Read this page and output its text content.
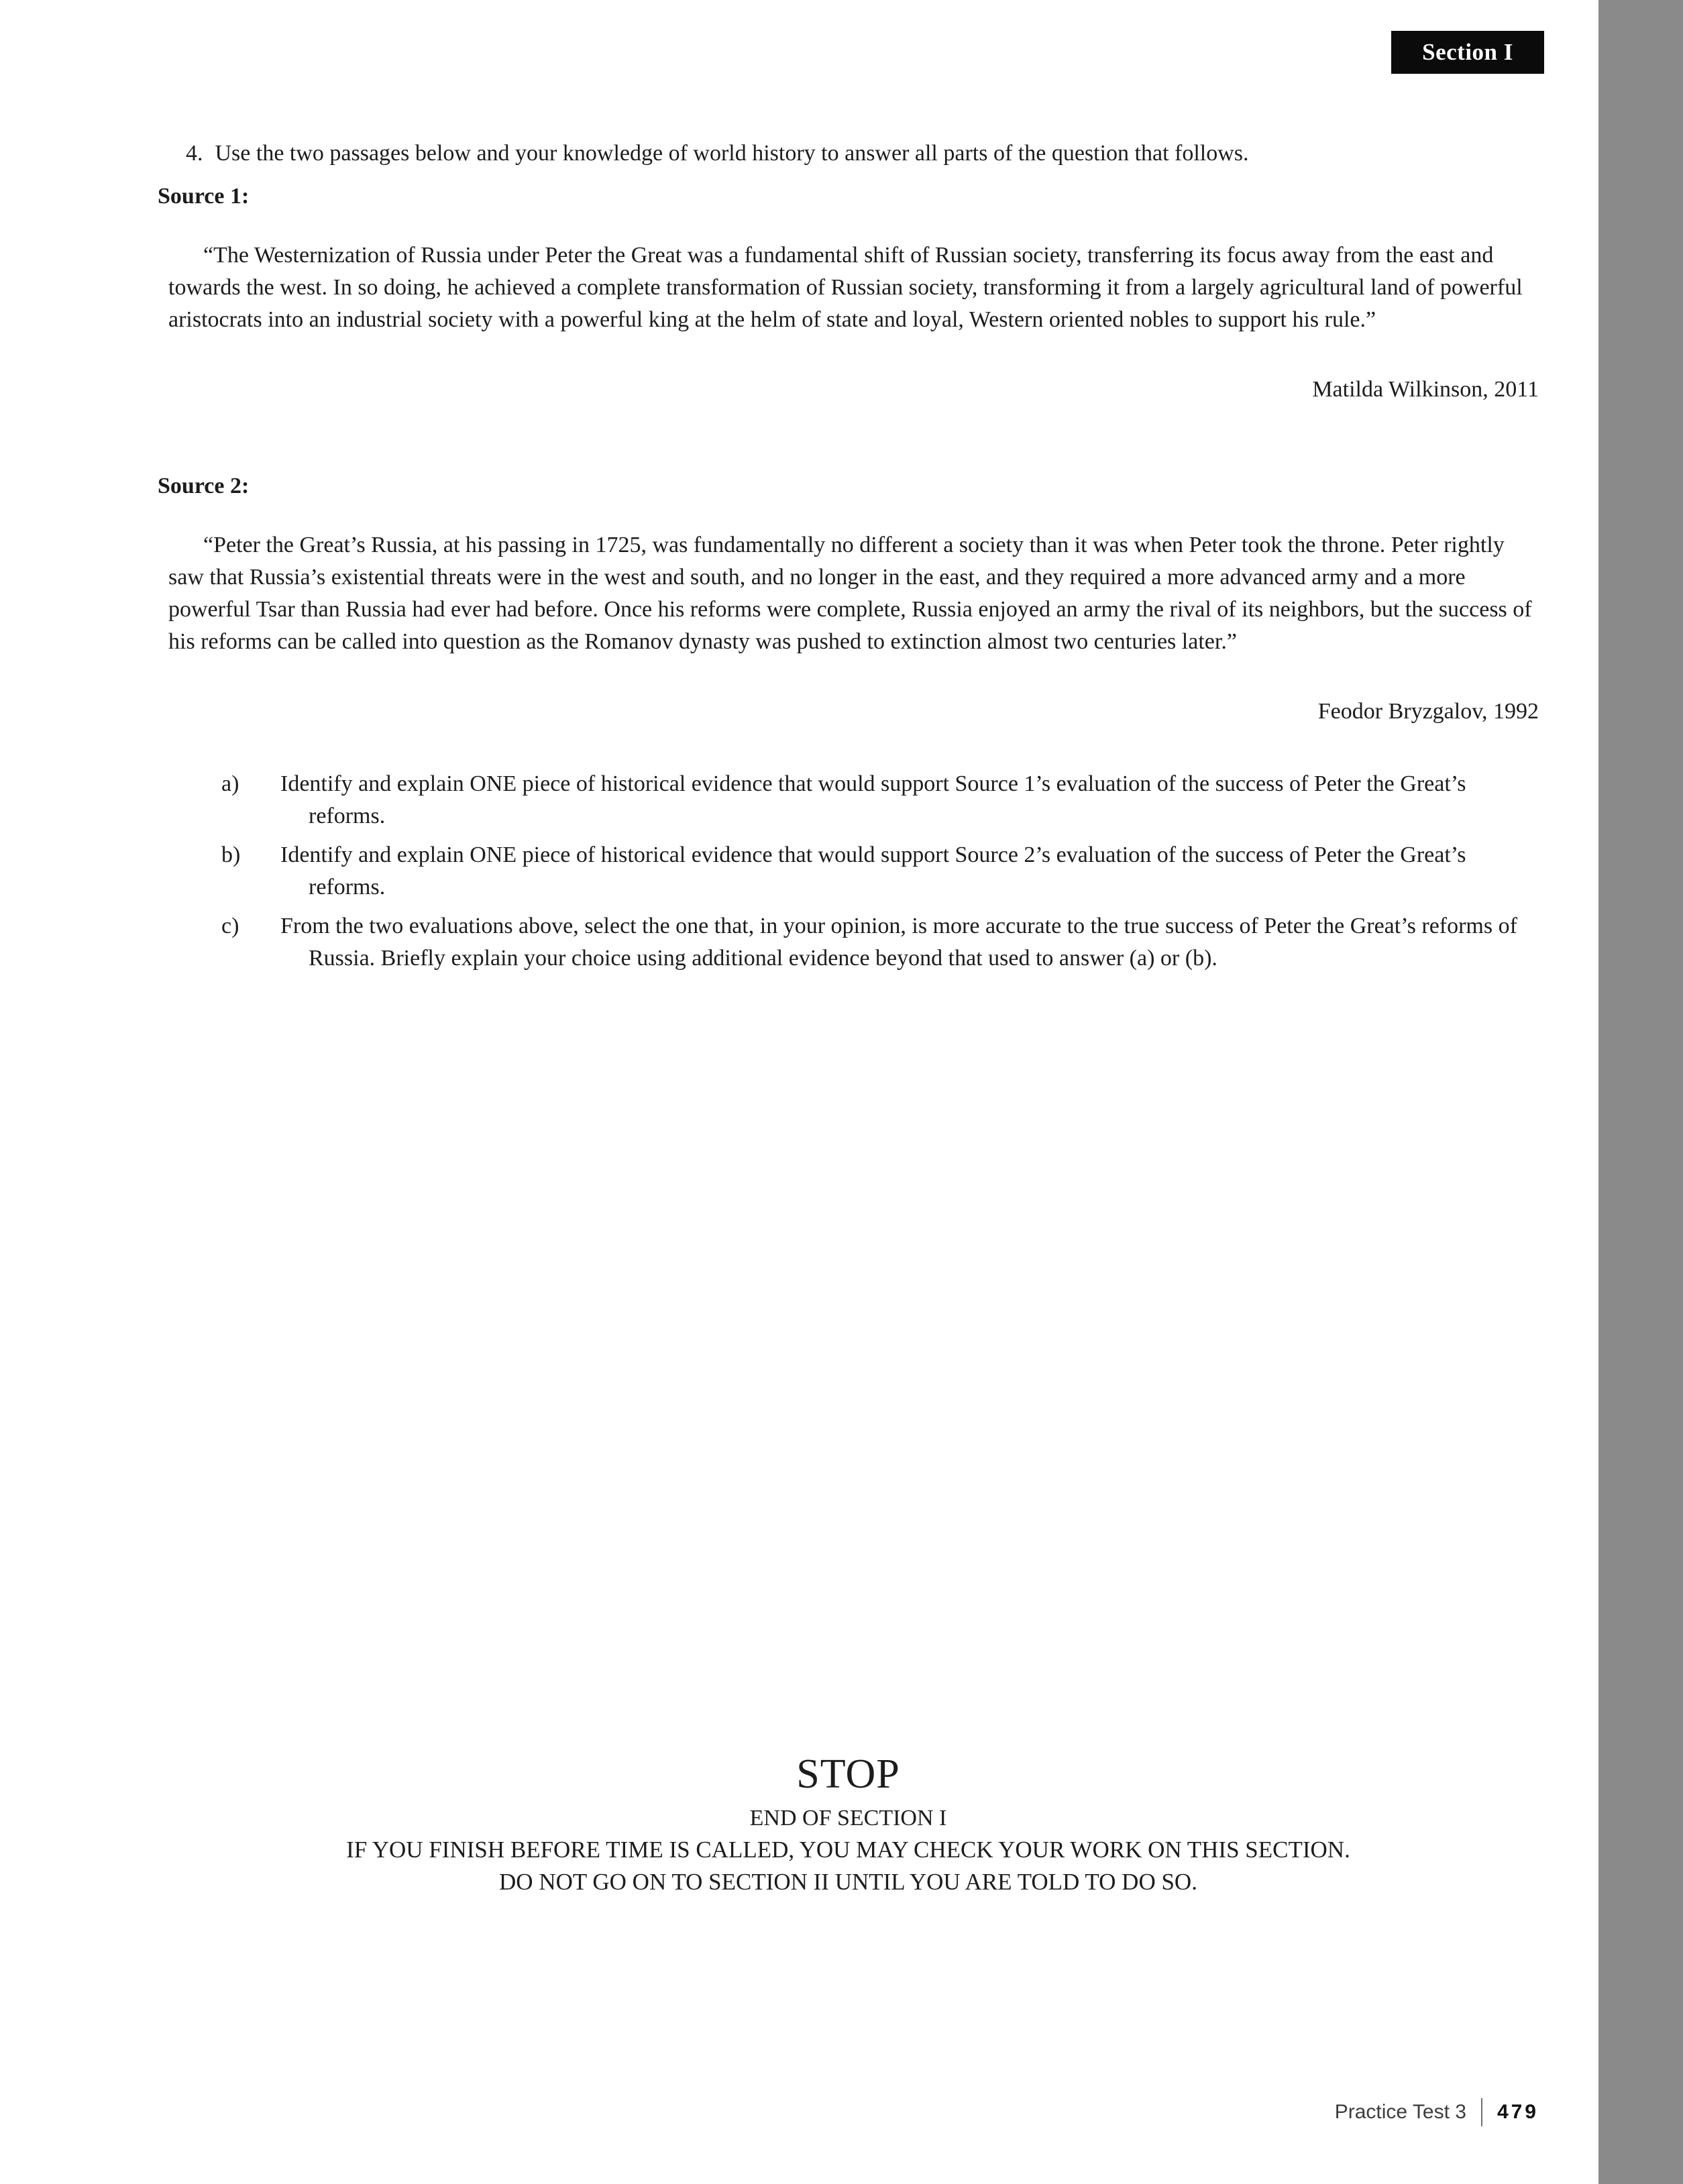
Section I
4. Use the two passages below and your knowledge of world history to answer all parts of the question that follows.

Source 1:

“The Westernization of Russia under Peter the Great was a fundamental shift of Russian society, transferring its focus away from the east and towards the west. In so doing, he achieved a complete transformation of Russian society, transforming it from a largely agricultural land of powerful aristocrats into an industrial society with a powerful king at the helm of state and loyal, Western oriented nobles to support his rule.”

Matilda Wilkinson, 2011

Source 2:

“Peter the Great’s Russia, at his passing in 1725, was fundamentally no different a society than it was when Peter took the throne. Peter rightly saw that Russia’s existential threats were in the west and south, and no longer in the east, and they required a more advanced army and a more powerful Tsar than Russia had ever had before. Once his reforms were complete, Russia enjoyed an army the rival of its neighbors, but the success of his reforms can be called into question as the Romanov dynasty was pushed to extinction almost two centuries later.”

Feodor Bryzgalov, 1992

a)	Identify and explain ONE piece of historical evidence that would support Source 1’s evaluation of the success of Peter the Great’s reforms.
b)	Identify and explain ONE piece of historical evidence that would support Source 2’s evaluation of the success of Peter the Great’s reforms.
c)	From the two evaluations above, select the one that, in your opinion, is more accurate to the true success of Peter the Great’s reforms of Russia. Briefly explain your choice using additional evidence beyond that used to answer (a) or (b).
STOP
END OF SECTION I
IF YOU FINISH BEFORE TIME IS CALLED, YOU MAY CHECK YOUR WORK ON THIS SECTION.
DO NOT GO ON TO SECTION II UNTIL YOU ARE TOLD TO DO SO.
Practice Test 3 479
